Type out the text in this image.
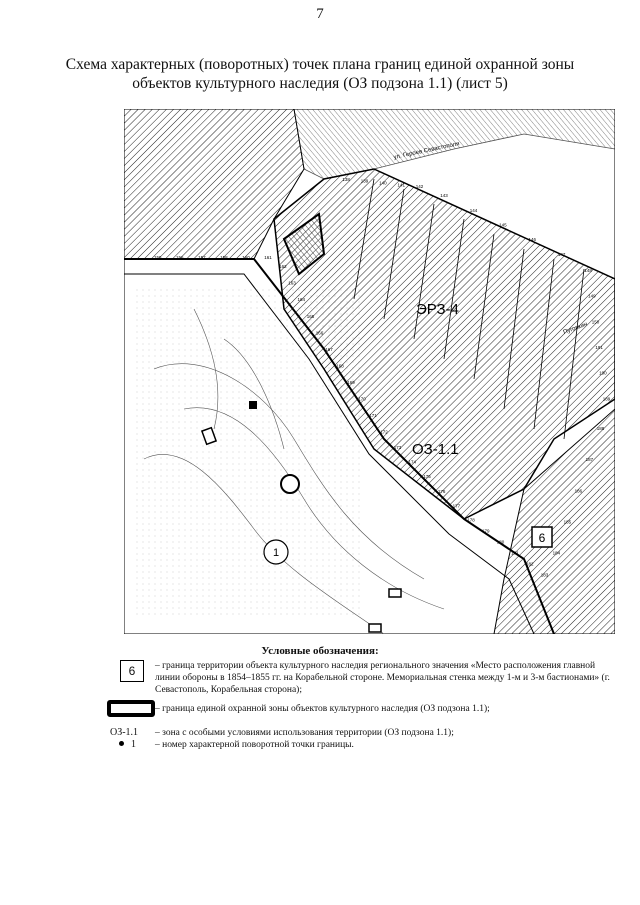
7
Схема характерных (поворотных) точек плана границ единой охранной зоны
объектов культурного наследия (ОЗ подзона 1.1) (лист 5)
ЭРЗ-4
ОЗ-1.1
ул. Героев Севастополя
Пуговкин
6
1
155	156	157	158	160	161
162
163
164
165
166
167
168
169
170
171
172
173
174
175
176
177
178
179
180
181
182
183
184
185
186
187
188
189
190
191
150
149
148
147
146
145
144
143
142
141
140
139
138
Условные обозначения:
6	– граница территории объекта культурного наследия регионального значения «Место расположения главной линии обороны в 1854–1855 гг. на Корабельной стороне. Мемориальная стенка между 1-м и 3-м бастионами» (г. Севастополь, Корабельная сторона);
– граница единой охранной зоны объектов культурного наследия (ОЗ подзона 1.1);
ОЗ-1.1 – зона с особыми условиями использования территории (ОЗ подзона 1.1);
1 – номер характерной поворотной точки границы.
